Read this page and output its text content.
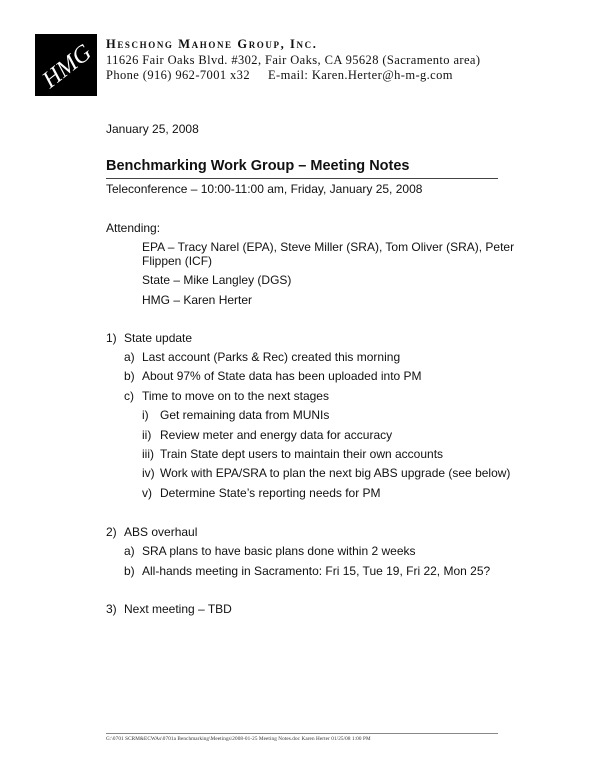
HMG Heschong Mahone Group, Inc.
11626 Fair Oaks Blvd. #302, Fair Oaks, CA 95628 (Sacramento area)
Phone (916) 962-7001 x32 E-mail: Karen.Herter@h-m-g.com
January 25, 2008
Benchmarking Work Group – Meeting Notes
Teleconference – 10:00-11:00 am, Friday, January 25, 2008
Attending:
EPA – Tracy Narel (EPA), Steve Miller (SRA), Tom Oliver (SRA), Peter
Flippen (ICF)
State – Mike Langley (DGS)
HMG – Karen Herter
1) State update
a) Last account (Parks & Rec) created this morning
b) About 97% of State data has been uploaded into PM
c) Time to move on to the next stages
i) Get remaining data from MUNIs
ii) Review meter and energy data for accuracy
iii) Train State dept users to maintain their own accounts
iv) Work with EPA/SRA to plan the next big ABS upgrade (see below)
v) Determine State’s reporting needs for PM
2) ABS overhaul
a) SRA plans to have basic plans done within 2 weeks
b) All-hands meeting in Sacramento: Fri 15, Tue 19, Fri 22, Mon 25?
3) Next meeting – TBD
G:\0701 SCRM&ECWAs\0701a Benchmarking\Meetings\2008-01-25 Meeting Notes.doc Karen Herter 01/25/08 1:00 PM
